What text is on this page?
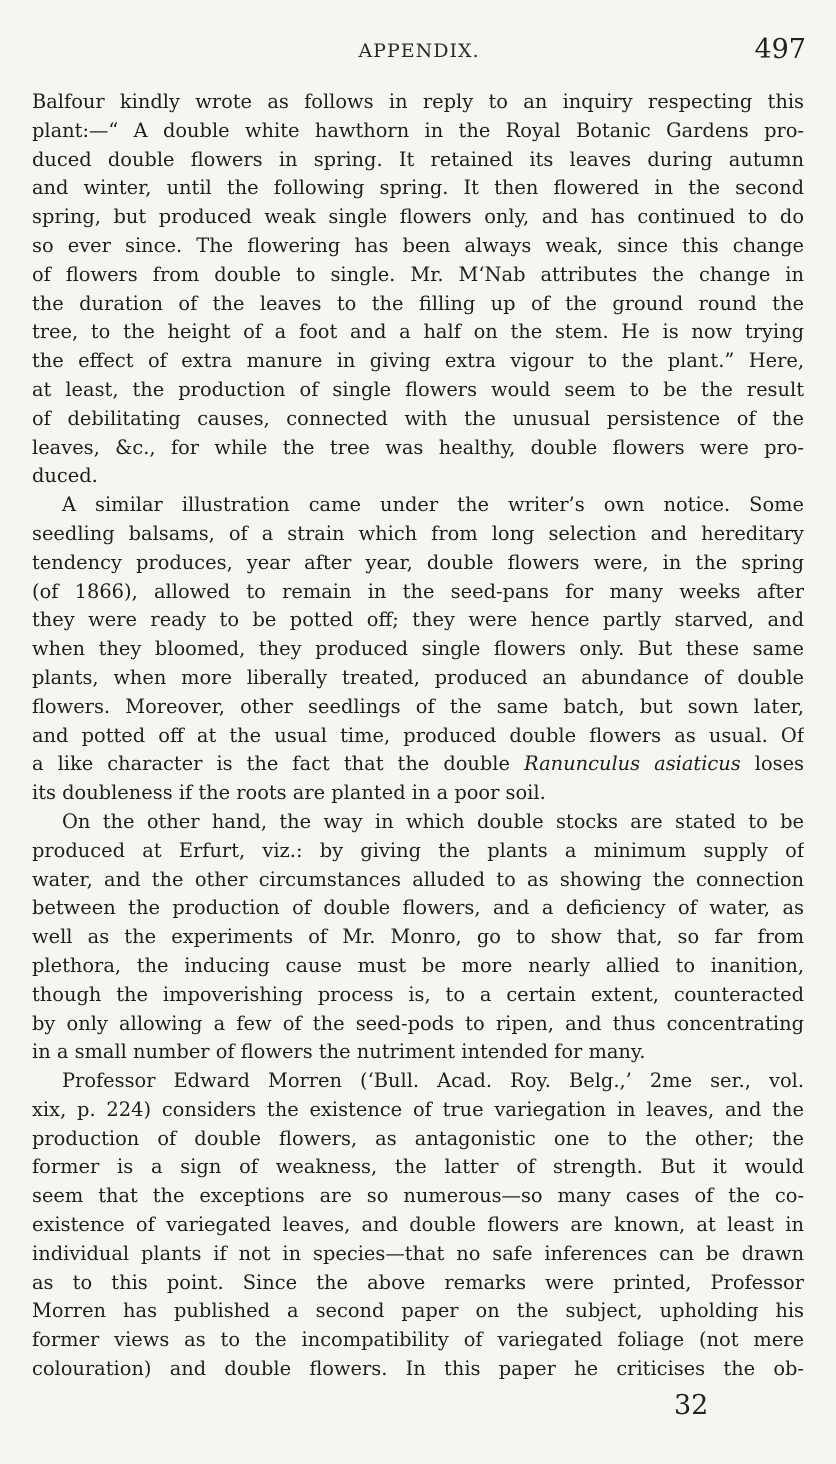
APPENDIX.	497
Balfour kindly wrote as follows in reply to an inquiry respecting this
plant:—“ A double white hawthorn in the Royal Botanic Gardens pro-
duced double flowers in spring. It retained its leaves during autumn
and winter, until the following spring. It then flowered in the second
spring, but produced weak single flowers only, and has continued to do
so ever since. The flowering has been always weak, since this change
of flowers from double to single. Mr. M‘Nab attributes the change in
the duration of the leaves to the filling up of the ground round the
tree, to the height of a foot and a half on the stem. He is now trying
the effect of extra manure in giving extra vigour to the plant.” Here,
at least, the production of single flowers would seem to be the result
of debilitating causes, connected with the unusual persistence of the
leaves, &c., for while the tree was healthy, double flowers were pro-
duced.
A similar illustration came under the writer’s own notice. Some
seedling balsams, of a strain which from long selection and hereditary
tendency produces, year after year, double flowers were, in the spring
(of 1866), allowed to remain in the seed-pans for many weeks after
they were ready to be potted off; they were hence partly starved, and
when they bloomed, they produced single flowers only. But these same
plants, when more liberally treated, produced an abundance of double
flowers. Moreover, other seedlings of the same batch, but sown later,
and potted off at the usual time, produced double flowers as usual. Of
a like character is the fact that the double Ranunculus asiaticus loses
its doubleness if the roots are planted in a poor soil.
On the other hand, the way in which double stocks are stated to be
produced at Erfurt, viz.: by giving the plants a minimum supply of
water, and the other circumstances alluded to as showing the connection
between the production of double flowers, and a deficiency of water, as
well as the experiments of Mr. Monro, go to show that, so far from
plethora, the inducing cause must be more nearly allied to inanition,
though the impoverishing process is, to a certain extent, counteracted
by only allowing a few of the seed-pods to ripen, and thus concentrating
in a small number of flowers the nutriment intended for many.
Professor Edward Morren (‘Bull. Acad. Roy. Belg.,’ 2me ser., vol.
xix, p. 224) considers the existence of true variegation in leaves, and the
production of double flowers, as antagonistic one to the other; the
former is a sign of weakness, the latter of strength. But it would
seem that the exceptions are so numerous—so many cases of the co-
existence of variegated leaves, and double flowers are known, at least in
individual plants if not in species—that no safe inferences can be drawn
as to this point. Since the above remarks were printed, Professor
Morren has published a second paper on the subject, upholding his
former views as to the incompatibility of variegated foliage (not mere
colouration) and double flowers. In this paper he criticises the ob-
32
